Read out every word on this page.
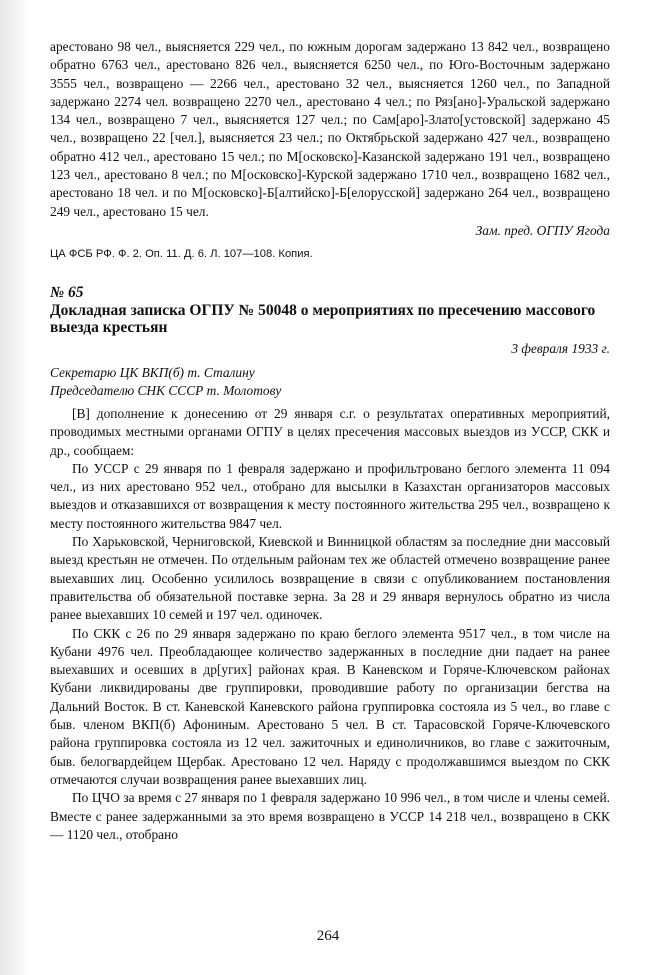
арестовано 98 чел., выясняется 229 чел., по южным дорогам задержано 13 842 чел., возвращено обратно 6763 чел., арестовано 826 чел., выясняется 6250 чел., по Юго-Восточным задержано 3555 чел., возвращено — 2266 чел., арестовано 32 чел., выясняется 1260 чел., по Западной задержано 2274 чел. возвращено 2270 чел., арестовано 4 чел.; по Ряз[ано]-Уральской задержано 134 чел., возвращено 7 чел., выясняется 127 чел.; по Сам[аро]-Злато[устовской] задержано 45 чел., возвращено 22 [чел.], выясняется 23 чел.; по Октябрьской задержано 427 чел., возвращено обратно 412 чел., арестовано 15 чел.; по М[осковско]-Казанской задержано 191 чел., возвращено 123 чел., арестовано 8 чел.; по М[осковско]-Курской задержано 1710 чел., возвращено 1682 чел., арестовано 18 чел. и по М[осковско]-Б[алтийско]-Б[елорусской] задержано 264 чел., возвращено 249 чел., арестовано 15 чел.

Зам. пред. ОГПУ Ягода
ЦА ФСБ РФ. Ф. 2. Оп. 11. Д. 6. Л. 107—108. Копия.
№ 65
Докладная записка ОГПУ № 50048 о мероприятиях по пресечению массового выезда крестьян
3 февраля 1933 г.
Секретарю ЦК ВКП(б) т. Сталину
Председателю СНК СССР т. Молотову

[В] дополнение к донесению от 29 января с.г. о результатах оперативных мероприятий, проводимых местными органами ОГПУ в целях пресечения массовых выездов из УССР, СКК и др., сообщаем:

По УССР с 29 января по 1 февраля задержано и профильтровано беглого элемента 11 094 чел., из них арестовано 952 чел., отобрано для высылки в Казахстан организаторов массовых выездов и отказавшихся от возвращения к месту постоянного жительства 295 чел., возвращено к месту постоянного жительства 9847 чел.

По Харьковской, Черниговской, Киевской и Винницкой областям за последние дни массовый выезд крестьян не отмечен. По отдельным районам тех же областей отмечено возвращение ранее выехавших лиц. Особенно усилилось возвращение в связи с опубликованием постановления правительства об обязательной поставке зерна. За 28 и 29 января вернулось обратно из числа ранее выехавших 10 семей и 197 чел. одиночек.

По СКК с 26 по 29 января задержано по краю беглого элемента 9517 чел., в том числе на Кубани 4976 чел. Преобладающее количество задержанных в последние дни падает на ранее выехавших и осевших в др[угих] районах края. В Каневском и Горяче-Ключевском районах Кубани ликвидированы две группировки, проводившие работу по организации бегства на Дальний Восток. В ст. Каневской Каневского района группировка состояла из 5 чел., во главе с быв. членом ВКП(б) Афониным. Арестовано 5 чел. В ст. Тарасовской Горяче-Ключевского района группировка состояла из 12 чел. зажиточных и единоличников, во главе с зажиточным, быв. белогвардейцем Щербак. Арестовано 12 чел. Наряду с продолжавшимся выездом по СКК отмечаются случаи возвращения ранее выехавших лиц.

По ЦЧО за время с 27 января по 1 февраля задержано 10 996 чел., в том числе и члены семей. Вместе с ранее задержанными за это время возвращено в УССР 14 218 чел., возвращено в СКК — 1120 чел., отобрано

264
